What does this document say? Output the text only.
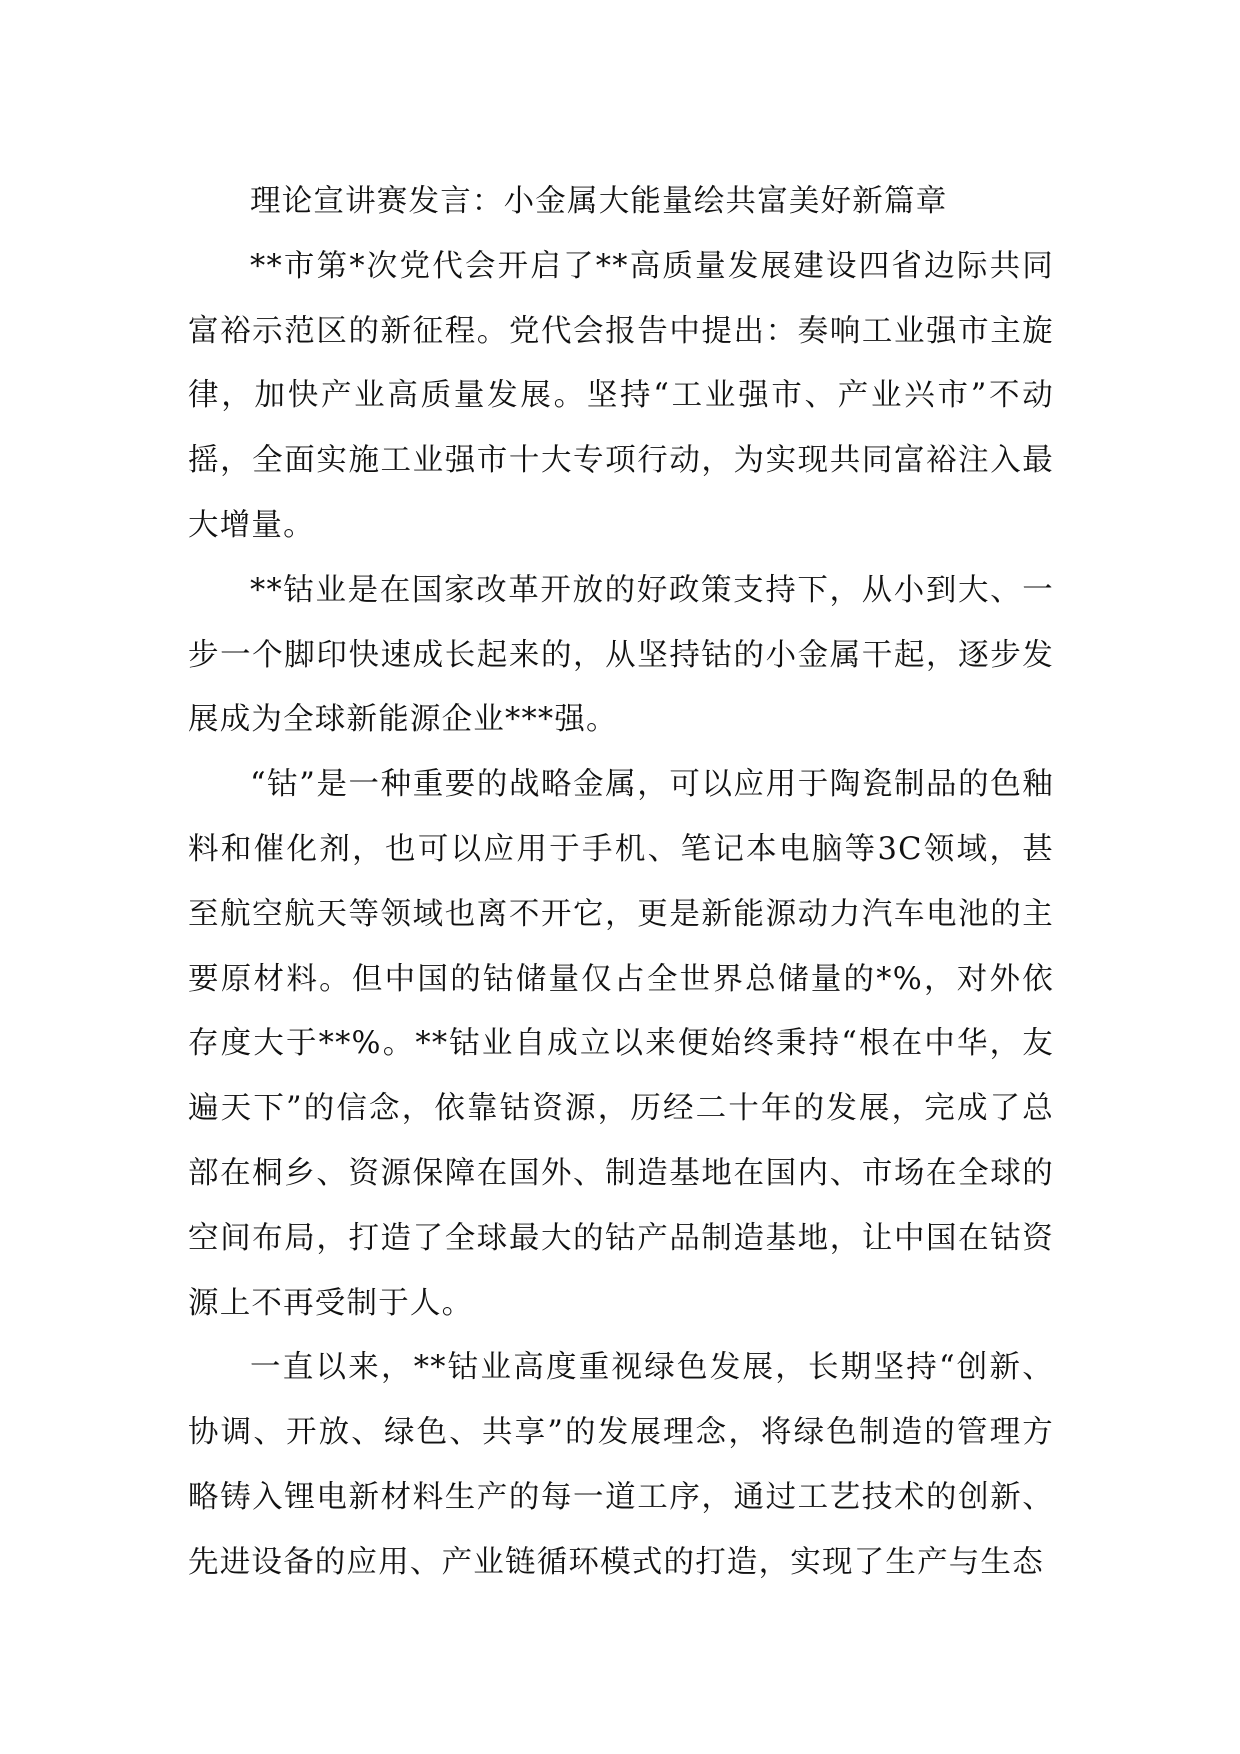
理论宣讲赛发言：小金属大能量绘共富美好新篇章

**市第*次党代会开启了**高质量发展建设四省边际共同富裕示范区的新征程。党代会报告中提出：奏响工业强市主旋律，加快产业高质量发展。坚持“工业强市、产业兴市”不动摇，全面实施工业强市十大专项行动，为实现共同富裕注入最大增量。

**钴业是在国家改革开放的好政策支持下，从小到大、一步一个脚印快速成长起来的，从坚持钴的小金属干起，逐步发展成为全球新能源企业***强。

“钴”是一种重要的战略金属，可以应用于陶瓷制品的色釉料和催化剂，也可以应用于手机、笔记本电脑等3C领域，甚至航空航天等领域也离不开它，更是新能源动力汽车电池的主要原材料。但中国的钴储量仅占全世界总储量的*%，对外依存度大于**%。**钴业自成立以来便始终秉持“根在中华，友遍天下”的信念，依靠钴资源，历经二十年的发展，完成了总部在桐乡、资源保障在国外、制造基地在国内、市场在全球的空间布局，打造了全球最大的钴产品制造基地，让中国在钴资源上不再受制于人。

一直以来，**钴业高度重视绿色发展，长期坚持“创新、协调、开放、绿色、共享”的发展理念，将绿色制造的管理方略铸入锂电新材料生产的每一道工序，通过工艺技术的创新、先进设备的应用、产业链循环模式的打造，实现了生产与生态
